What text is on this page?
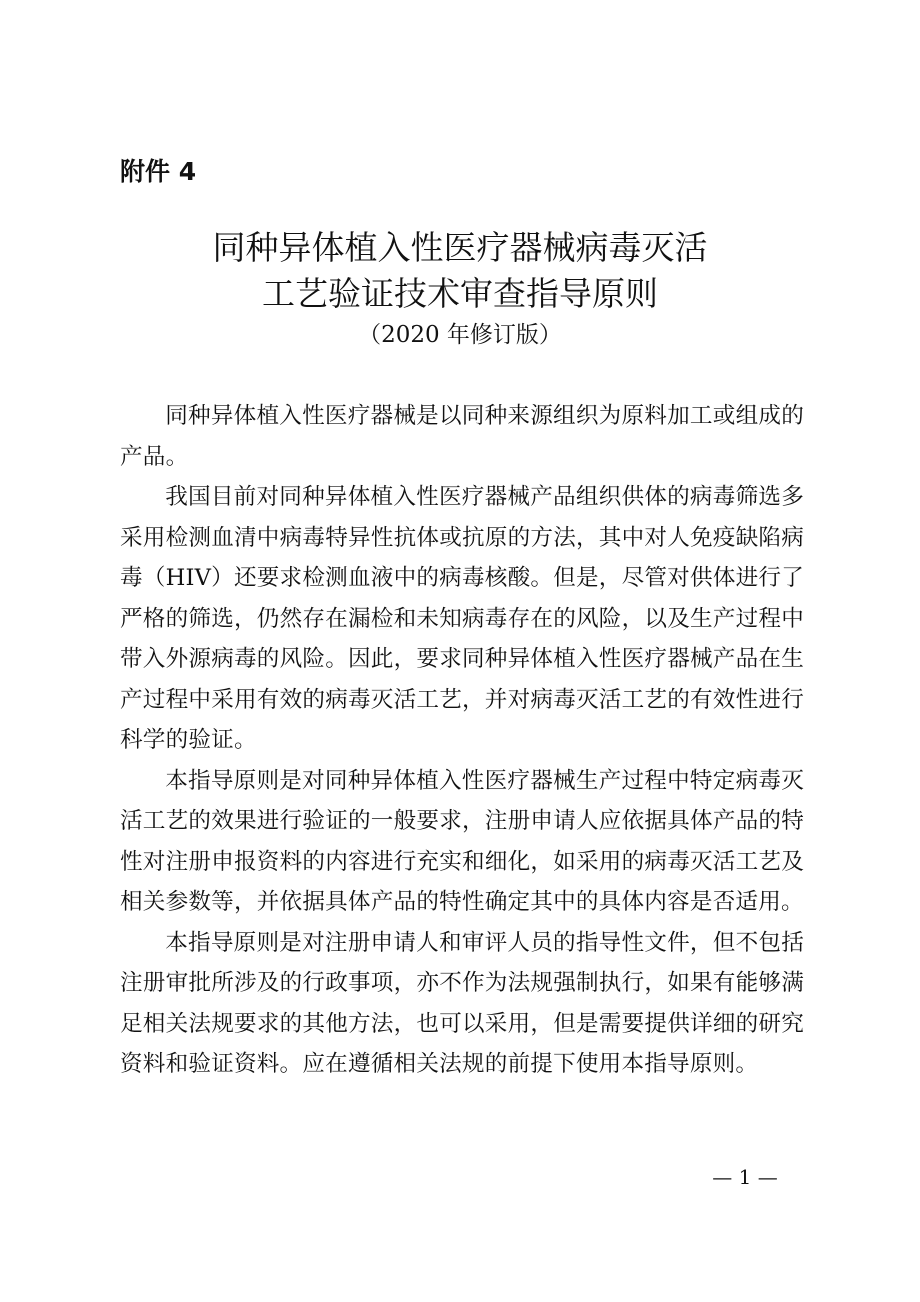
附件 4

同种异体植入性医疗器械病毒灭活
工艺验证技术审查指导原则

（2020 年修订版）

同种异体植入性医疗器械是以同种来源组织为原料加工或组成的产品。

我国目前对同种异体植入性医疗器械产品组织供体的病毒筛选多采用检测血清中病毒特异性抗体或抗原的方法，其中对人免疫缺陷病毒（HIV）还要求检测血液中的病毒核酸。但是，尽管对供体进行了严格的筛选，仍然存在漏检和未知病毒存在的风险，以及生产过程中带入外源病毒的风险。因此，要求同种异体植入性医疗器械产品在生产过程中采用有效的病毒灭活工艺，并对病毒灭活工艺的有效性进行科学的验证。

本指导原则是对同种异体植入性医疗器械生产过程中特定病毒灭活工艺的效果进行验证的一般要求，注册申请人应依据具体产品的特性对注册申报资料的内容进行充实和细化，如采用的病毒灭活工艺及相关参数等，并依据具体产品的特性确定其中的具体内容是否适用。

本指导原则是对注册申请人和审评人员的指导性文件，但不包括注册审批所涉及的行政事项，亦不作为法规强制执行，如果有能够满足相关法规要求的其他方法，也可以采用，但是需要提供详细的研究资料和验证资料。应在遵循相关法规的前提下使用本指导原则。

— 1 —
